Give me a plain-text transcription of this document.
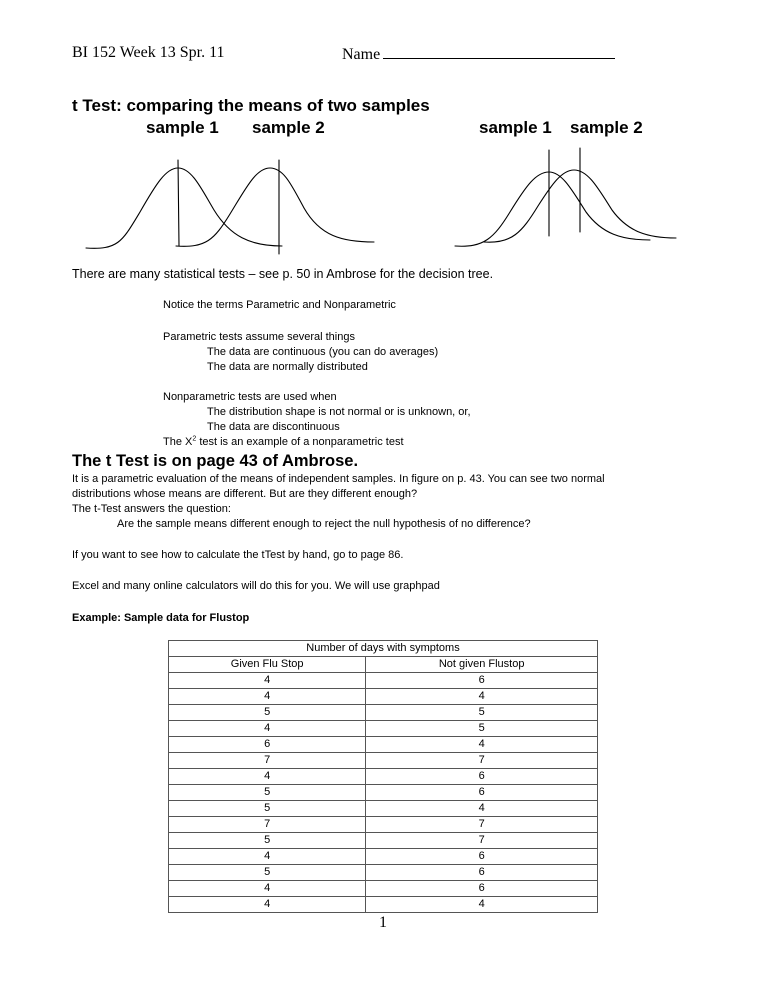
BI 152 Week 13 Spr. 11	Name
t Test: comparing the means of two samples
sample 1 sample 2	sample 1 sample 2
There are many statistical tests – see p. 50 in Ambrose for the decision tree.
Notice the terms Parametric and Nonparametric
Parametric tests assume several things
The data are continuous (you can do averages)
The data are normally distributed
Nonparametric tests are used when
The distribution shape is not normal or is unknown, or,
The data are discontinuous
The $X^2$ test is an example of a nonparametric test
The t Test is on page 43 of Ambrose.
It is a parametric evaluation of the means of independent samples. In figure on p. 43. You can see two normal
distributions whose means are different. But are they different enough?
The t-Test answers the question:
Are the sample means different enough to reject the null hypothesis of no difference?
If you want to see how to calculate the tTest by hand, go to page 86.
Excel and many online calculators will do this for you. We will use graphpad
Example: Sample data for Flustop
Number of days with symptoms	
Given Flu Stop	Not given Flustop
4	6
4	4
5	5
4	5
6	4
7	7
4	6
5	6
5	4
7	7
5	7
4	6
5	6
4	6
4	4
1
